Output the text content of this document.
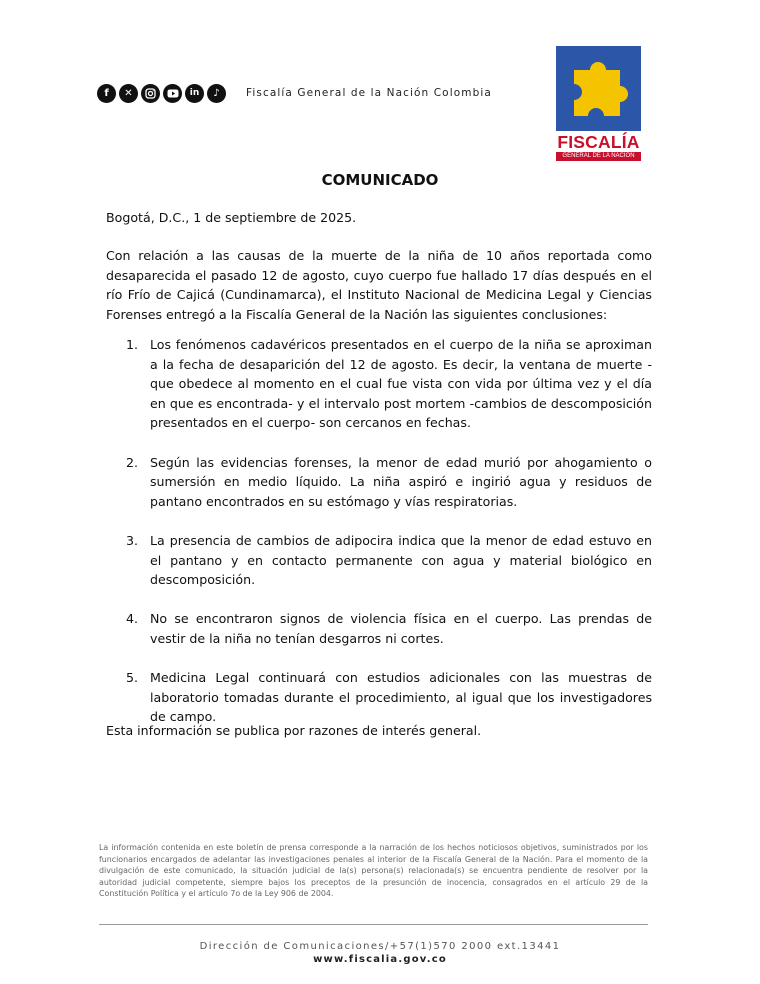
f	✕	in	♪	Fiscalía General de la Nación Colombia
FISCALÍA
GENERAL DE LA NACIÓN
COMUNICADO
Bogotá, D.C., 1 de septiembre de 2025.
Con relación a las causas de la muerte de la niña de 10 años reportada como desaparecida el pasado 12 de agosto, cuyo cuerpo fue hallado 17 días después en el río Frío de Cajicá (Cundinamarca), el Instituto Nacional de Medicina Legal y Ciencias Forenses entregó a la Fiscalía General de la Nación las siguientes conclusiones:
1. Los fenómenos cadavéricos presentados en el cuerpo de la niña se aproximan a la fecha de desaparición del 12 de agosto. Es decir, la ventana de muerte -que obedece al momento en el cual fue vista con vida por última vez y el día en que es encontrada- y el intervalo post mortem -cambios de descomposición presentados en el cuerpo- son cercanos en fechas.
2. Según las evidencias forenses, la menor de edad murió por ahogamiento o sumersión en medio líquido. La niña aspiró e ingirió agua y residuos de pantano encontrados en su estómago y vías respiratorias.
3. La presencia de cambios de adipocira indica que la menor de edad estuvo en el pantano y en contacto permanente con agua y material biológico en descomposición.
4. No se encontraron signos de violencia física en el cuerpo. Las prendas de vestir de la niña no tenían desgarros ni cortes.
5. Medicina Legal continuará con estudios adicionales con las muestras de laboratorio tomadas durante el procedimiento, al igual que los investigadores de campo.
Esta información se publica por razones de interés general.
La información contenida en este boletín de prensa corresponde a la narración de los hechos noticiosos objetivos, suministrados por los funcionarios encargados de adelantar las investigaciones penales al interior de la Fiscalía General de la Nación. Para el momento de la divulgación de este comunicado, la situación judicial de la(s) persona(s) relacionada(s) se encuentra pendiente de resolver por la autoridad judicial competente, siempre bajos los preceptos de la presunción de inocencia, consagrados en el artículo 29 de la Constitución Política y el artículo 7o de la Ley 906 de 2004.
Dirección de Comunicaciones/+57(1)570 2000 ext.13441
www.fiscalia.gov.co
